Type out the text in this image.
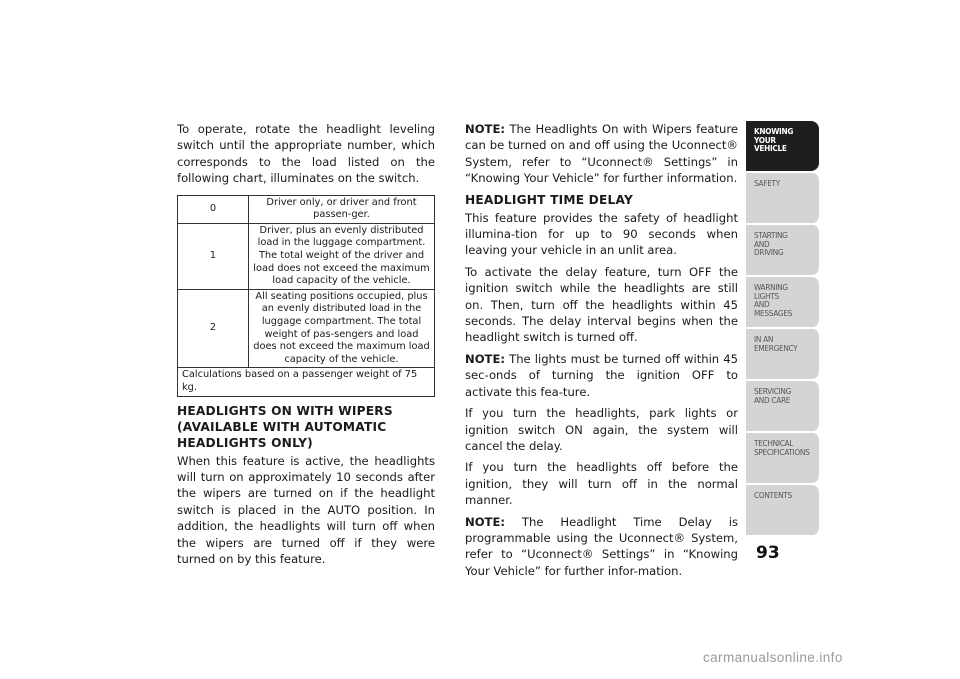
To operate, rotate the headlight leveling switch until the appropriate number, which corresponds to the load listed on the following chart, illuminates on the switch.

0	Driver only, or driver and front passen-ger.
1	Driver, plus an evenly distributed load in the luggage compartment. The total weight of the driver and load does not exceed the maximum load capacity of the vehicle.
2	All seating positions occupied, plus an evenly distributed load in the luggage compartment. The total weight of pas-sengers and load does not exceed the maximum load capacity of the vehicle.
Calculations based on a passenger weight of 75 kg.	
HEADLIGHTS ON WITH WIPERS (AVAILABLE WITH AUTOMATIC HEADLIGHTS ONLY)

When this feature is active, the headlights will turn on approximately 10 seconds after the wipers are turned on if the headlight switch is placed in the AUTO position. In addition, the headlights will turn off when the wipers are turned off if they were turned on by this feature.

NOTE: The Headlights On with Wipers feature can be turned on and off using the Uconnect® System, refer to “Uconnect® Settings” in “Knowing Your Vehicle” for further information.

HEADLIGHT TIME DELAY

This feature provides the safety of headlight illumina-tion for up to 90 seconds when leaving your vehicle in an unlit area.

To activate the delay feature, turn OFF the ignition switch while the headlights are still on. Then, turn off the headlights within 45 seconds. The delay interval begins when the headlight switch is turned off.

NOTE: The lights must be turned off within 45 sec-onds of turning the ignition OFF to activate this fea-ture.

If you turn the headlights, park lights or ignition switch ON again, the system will cancel the delay.

If you turn the headlights off before the ignition, they will turn off in the normal manner.

NOTE: The Headlight Time Delay is programmable using the Uconnect® System, refer to “Uconnect® Settings” in “Knowing Your Vehicle” for further infor-mation.

KNOWING
YOUR
VEHICLE
SAFETY
STARTING
AND
DRIVING
WARNING
LIGHTS
AND
MESSAGES
IN AN
EMERGENCY
SERVICING
AND CARE
TECHNICAL
SPECIFICATIONS
CONTENTS
93
carmanualsonline.info
